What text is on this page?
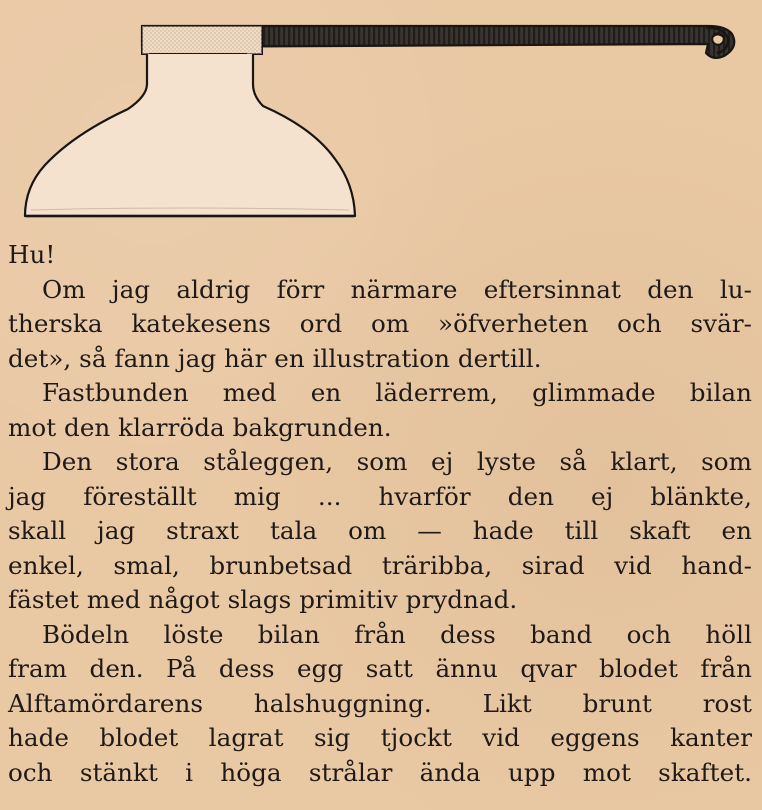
Hu!
Om jag aldrig förr närmare eftersinnat den lu-
therska katekesens ord om »öfverheten och svär-
det», så fann jag här en illustration dertill.
Fastbunden med en läderrem, glimmade bilan
mot den klarröda bakgrunden.
Den stora ståleggen, som ej lyste så klart, som
jag föreställt mig ... hvarför den ej blänkte,
skall jag straxt tala om — hade till skaft en
enkel, smal, brunbetsad träribba, sirad vid hand-
fästet med något slags primitiv prydnad.
Bödeln löste bilan från dess band och höll
fram den. På dess egg satt ännu qvar blodet från
Alftamördarens halshuggning. Likt brunt rost
hade blodet lagrat sig tjockt vid eggens kanter
och stänkt i höga strålar ända upp mot skaftet.
